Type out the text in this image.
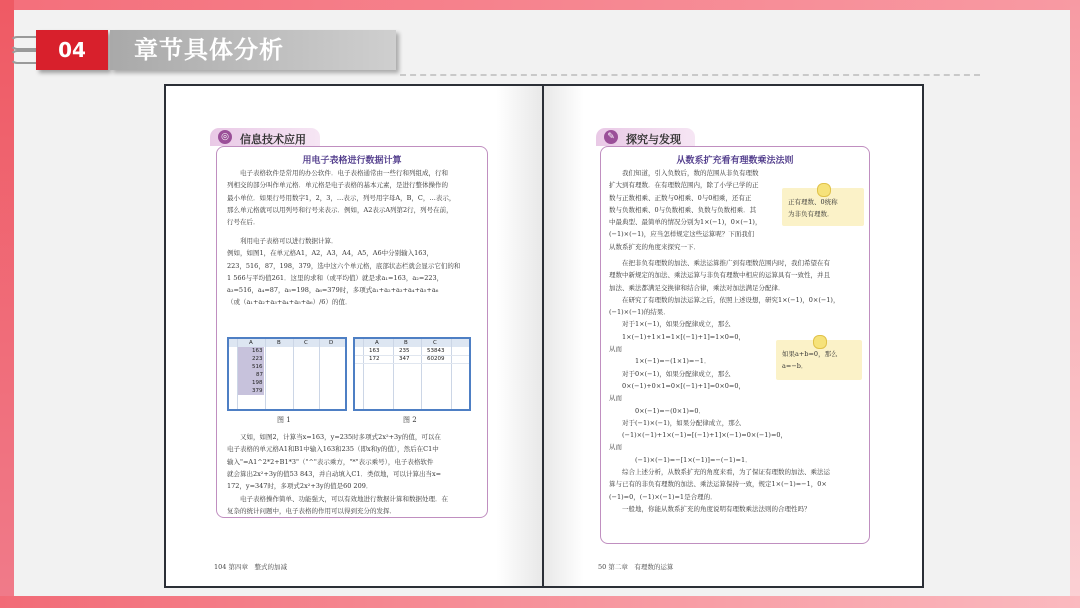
04	章节具体分析
◎ 信息技术应用
用电子表格进行数据计算
　　电子表格软件是常用的办公软件．电子表格通常由一些行和列组成，行和
列相交的部分叫作单元格．单元格是电子表格的基本元素，是进行整体操作的
最小单位．如果行号用数字1，2，3，…表示，列号用字母A，B，C，…表示，
那么单元格就可以用列号和行号来表示．例如，A2表示A列第2行，列号在前，
行号在后．
　　利用电子表格可以进行数据计算．
例如，如图1，在单元格A1，A2，A3，A4，A5，A6中分别输入163，
223，516，87，198，379，选中这六个单元格，底部状态栏就会显示它们的和
1 566与平均值261．这里的求和（或平均值）就是求a₁=163，a₂=223，
a₃=516，a₄=87，a₅=198，a₆=379时，多项式a₁+a₂+a₃+a₄+a₅+a₆
（或（a₁+a₂+a₃+a₄+a₅+a₆）/6）的值．
A	B	C	D
163
223
516
87
198
379
图 1
A	B	C
163	235	53843
172	347	60209
图 2
　　又如，如图2，计算当x=163，y=235时多项式2x²+3y的值，可以在
电子表格的单元格A1和B1中输入163和235（即x和y的值），然后在C1中
输入"=A1^2*2+B1*3"（"^"表示乘方，"*"表示乘号），电子表格软件
就会算出2x²+3y的值53 843，并自动填入C1．类似地，可以计算出当x=
172，y=347时，多项式2x²+3y的值是60 209．
　　电子表格操作简单、功能强大，可以有效地进行数据计算和数据处理．在
复杂的统计问题中，电子表格的作用可以得到充分的发挥．
104 第四章　整式的加减
✎ 探究与发现
从数系扩充看有理数乘法法则
　　我们知道，引入负数后，数的范围从非负有理数
扩大到有理数．在有理数范围内，除了小学已学的正
数与正数相乘、正数与0相乘、0与0相乘，还有正
数与负数相乘、0与负数相乘、负数与负数相乘．其
中最典型、最简单的情况分别为1×(−1)，0×(−1)，
(−1)×(−1)，应当怎样规定这些运算呢？下面我们
从数系扩充的角度来探究一下．
　　在把非负有理数的加法、乘法运算推广到有理数范围内时，我们希望在有
理数中新规定的加法、乘法运算与非负有理数中相应的运算具有一致性，并且
加法、乘法都满足交换律和结合律，乘法对加法满足分配律．
　　在研究了有理数的加法运算之后，依照上述设想，研究1×(−1)，0×(−1)，
(−1)×(−1)的结果．
　　对于1×(−1)，如果分配律成立，那么
　　1×(−1)+1×1=1×[(−1)+1]=1×0=0，
从而
　　　　1×(−1)=−(1×1)=−1．
　　对于0×(−1)，如果分配律成立，那么
　　0×(−1)+0×1=0×[(−1)+1]=0×0=0，
从而
　　　　0×(−1)=−(0×1)=0．
　　对于(−1)×(−1)，如果分配律成立，那么
　　(−1)×(−1)+1×(−1)=[(−1)+1]×(−1)=0×(−1)=0，
从而
　　　　(−1)×(−1)=−[1×(−1)]=−(−1)=1．
　　综合上述分析，从数系扩充的角度来看，为了保证有理数的加法、乘法运
算与已有的非负有理数的加法、乘法运算保持一致，规定1×(−1)=−1，0×
(−1)=0，(−1)×(−1)=1是合理的．
　　一般地，你能从数系扩充的角度说明有理数乘法法则的合理性吗？
正有理数、0统称
为非负有理数．
如果a+b=0，那么
a=−b．
50 第二章　有理数的运算
